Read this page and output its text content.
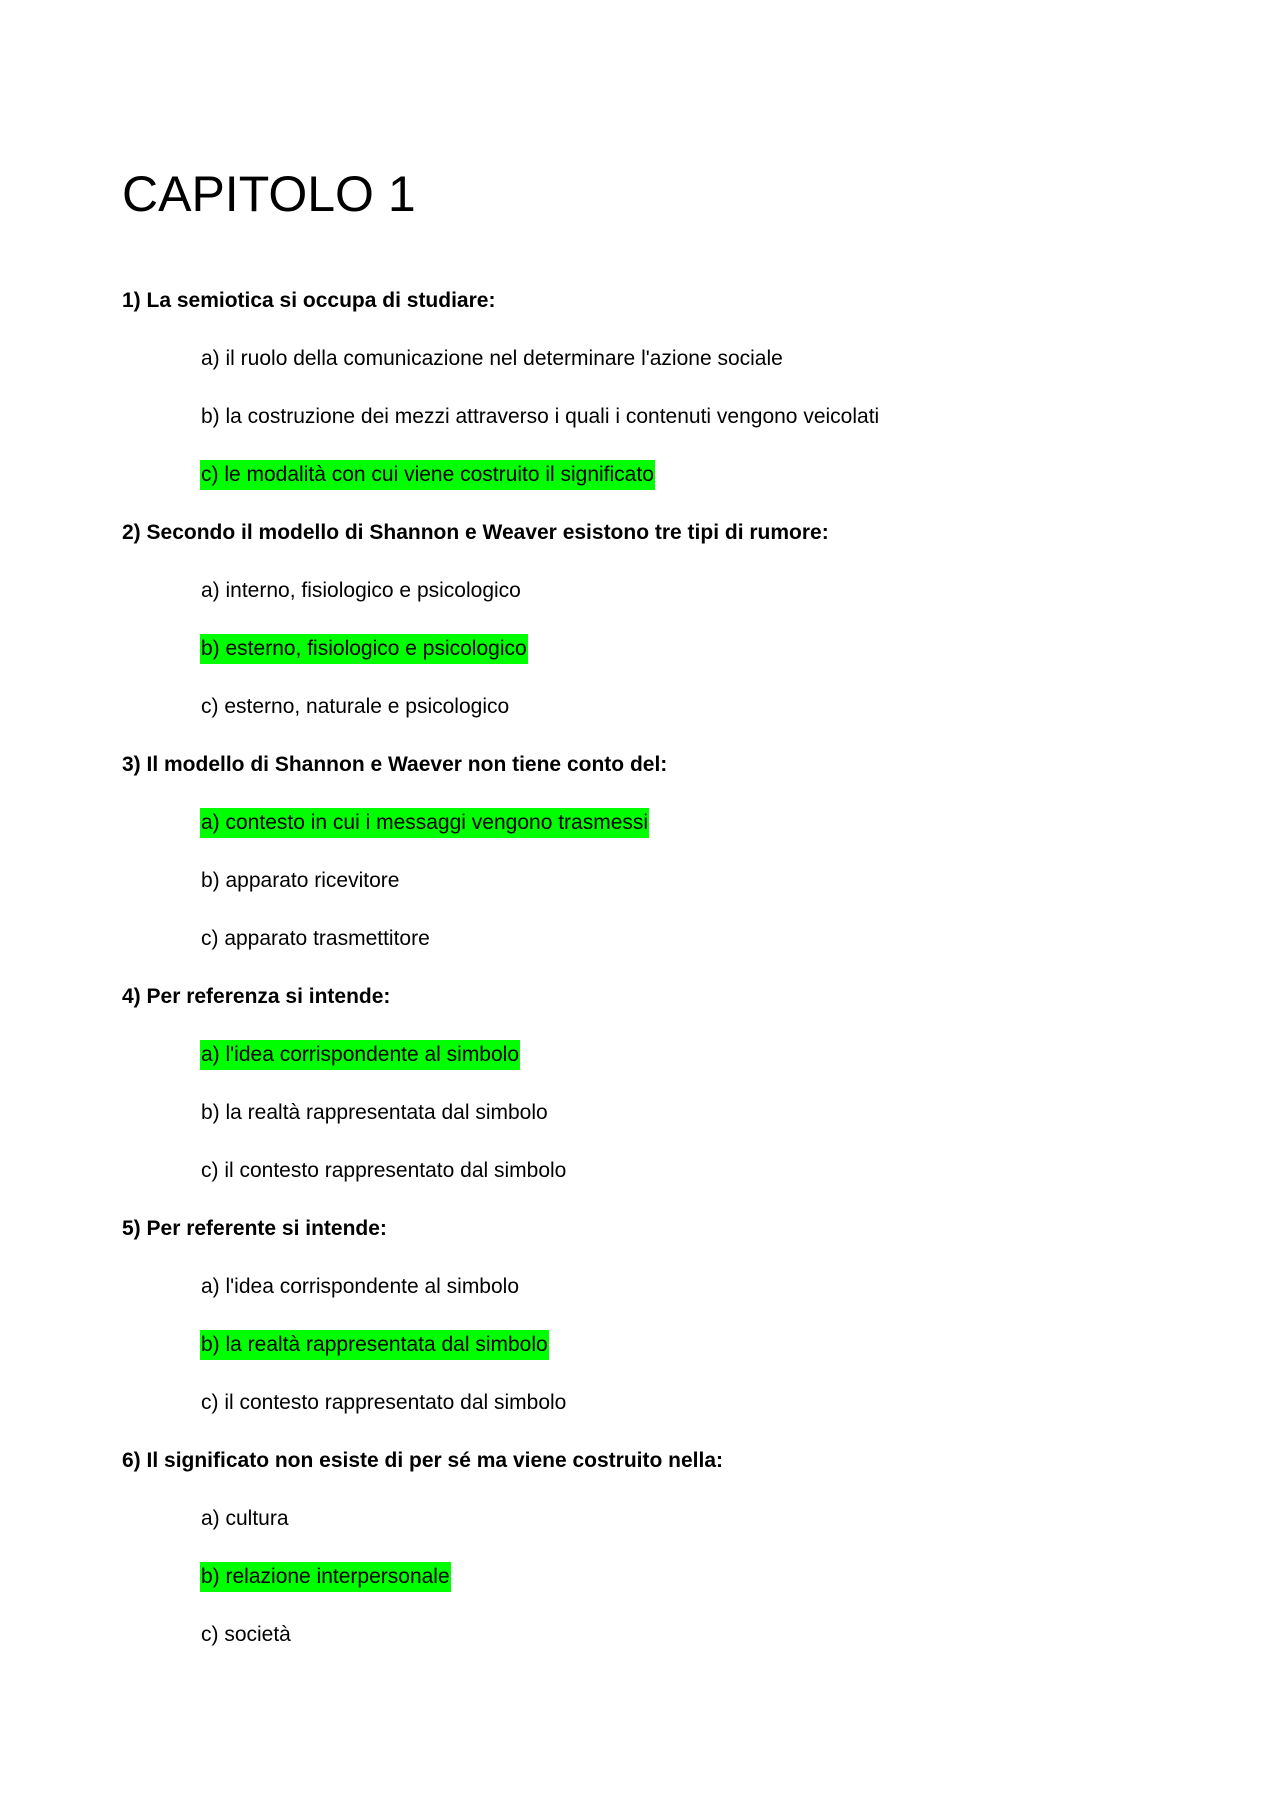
CAPITOLO 1
1) La semiotica si occupa di studiare:
a) il ruolo della comunicazione nel determinare l'azione sociale
b) la costruzione dei mezzi attraverso i quali i contenuti vengono veicolati
c) le modalità con cui viene costruito il significato
2) Secondo il modello di Shannon e Weaver esistono tre tipi di rumore:
a) interno, fisiologico e psicologico
b) esterno, fisiologico e psicologico
c) esterno, naturale e psicologico
3) Il modello di Shannon e Waever non tiene conto del:
a) contesto in cui i messaggi vengono trasmessi
b) apparato ricevitore
c) apparato trasmettitore
4) Per referenza si intende:
a) l'idea corrispondente al simbolo
b) la realtà rappresentata dal simbolo
c) il contesto rappresentato dal simbolo
5) Per referente si intende:
a) l'idea corrispondente al simbolo
b) la realtà rappresentata dal simbolo
c) il contesto rappresentato dal simbolo
6) Il significato non esiste di per sé ma viene costruito nella:
a) cultura
b) relazione interpersonale
c) società
